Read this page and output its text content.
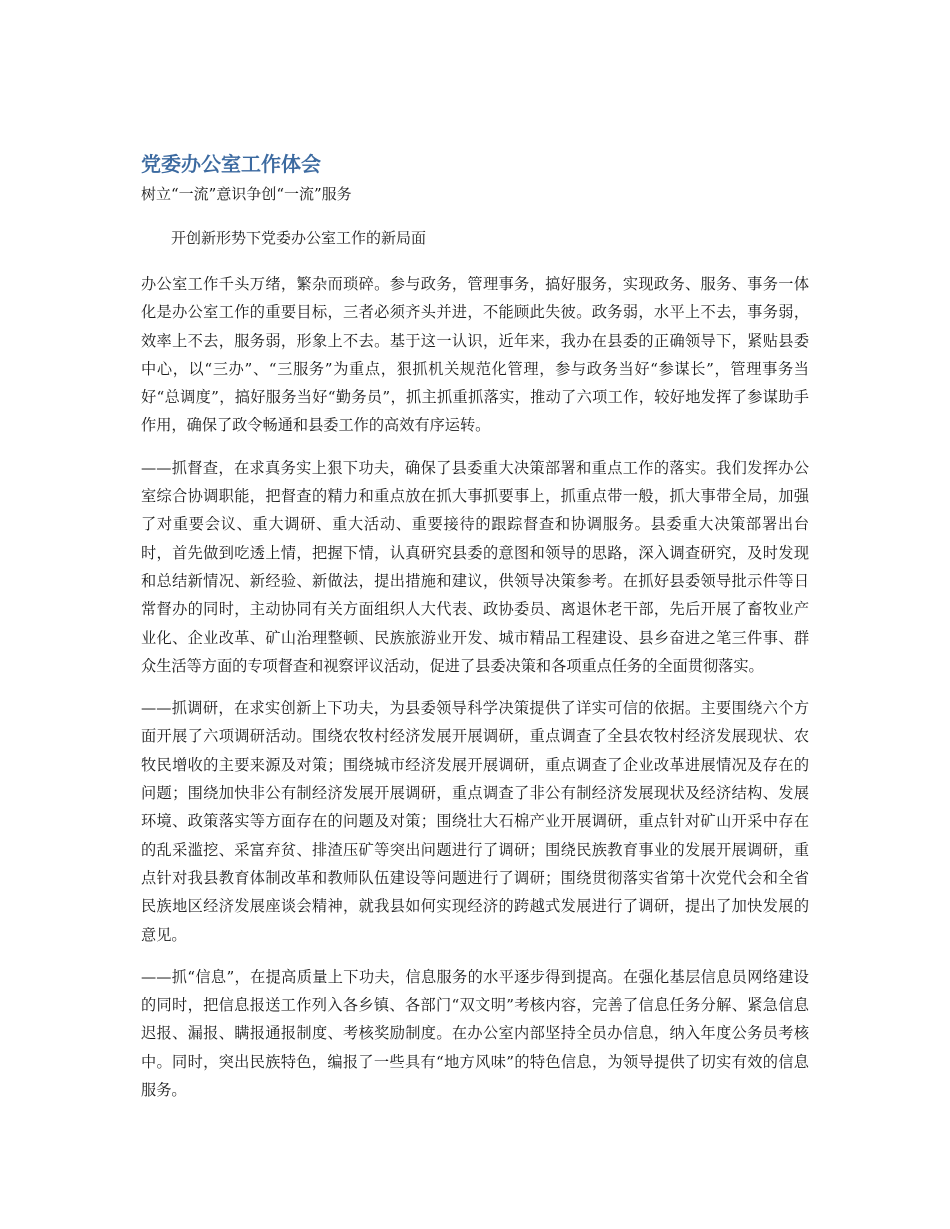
党委办公室工作体会
树立“一流”意识争创“一流”服务
开创新形势下党委办公室工作的新局面

办公室工作千头万绪，繁杂而琐碎。参与政务，管理事务，搞好服务，实现政务、服务、事务一体化是办公室工作的重要目标，三者必须齐头并进，不能顾此失彼。政务弱，水平上不去，事务弱，效率上不去，服务弱，形象上不去。基于这一认识，近年来，我办在县委的正确领导下，紧贴县委中心，以“三办”、“三服务”为重点，狠抓机关规范化管理，参与政务当好“参谋长”，管理事务当好“总调度”，搞好服务当好“勤务员”，抓主抓重抓落实，推动了六项工作，较好地发挥了参谋助手作用，确保了政令畅通和县委工作的高效有序运转。

——抓督查，在求真务实上狠下功夫，确保了县委重大决策部署和重点工作的落实。我们发挥办公室综合协调职能，把督查的精力和重点放在抓大事抓要事上，抓重点带一般，抓大事带全局，加强了对重要会议、重大调研、重大活动、重要接待的跟踪督查和协调服务。县委重大决策部署出台时，首先做到吃透上情，把握下情，认真研究县委的意图和领导的思路，深入调查研究，及时发现和总结新情况、新经验、新做法，提出措施和建议，供领导决策参考。在抓好县委领导批示件等日常督办的同时，主动协同有关方面组织人大代表、政协委员、离退休老干部，先后开展了畜牧业产业化、企业改革、矿山治理整顿、民族旅游业开发、城市精品工程建设、县乡奋进之笔三件事、群众生活等方面的专项督查和视察评议活动，促进了县委决策和各项重点任务的全面贯彻落实。

——抓调研，在求实创新上下功夫，为县委领导科学决策提供了详实可信的依据。主要围绕六个方面开展了六项调研活动。围绕农牧村经济发展开展调研，重点调查了全县农牧村经济发展现状、农牧民增收的主要来源及对策；围绕城市经济发展开展调研，重点调查了企业改革进展情况及存在的问题；围绕加快非公有制经济发展开展调研，重点调查了非公有制经济发展现状及经济结构、发展环境、政策落实等方面存在的问题及对策；围绕壮大石棉产业开展调研，重点针对矿山开采中存在的乱采滥挖、采富弃贫、排渣压矿等突出问题进行了调研；围绕民族教育事业的发展开展调研，重点针对我县教育体制改革和教师队伍建设等问题进行了调研；围绕贯彻落实省第十次党代会和全省民族地区经济发展座谈会精神，就我县如何实现经济的跨越式发展进行了调研，提出了加快发展的意见。

——抓“信息”，在提高质量上下功夫，信息服务的水平逐步得到提高。在强化基层信息员网络建设的同时，把信息报送工作列入各乡镇、各部门“双文明”考核内容，完善了信息任务分解、紧急信息迟报、漏报、瞒报通报制度、考核奖励制度。在办公室内部坚持全员办信息，纳入年度公务员考核中。同时，突出民族特色，编报了一些具有“地方风味”的特色信息，为领导提供了切实有效的信息服务。
